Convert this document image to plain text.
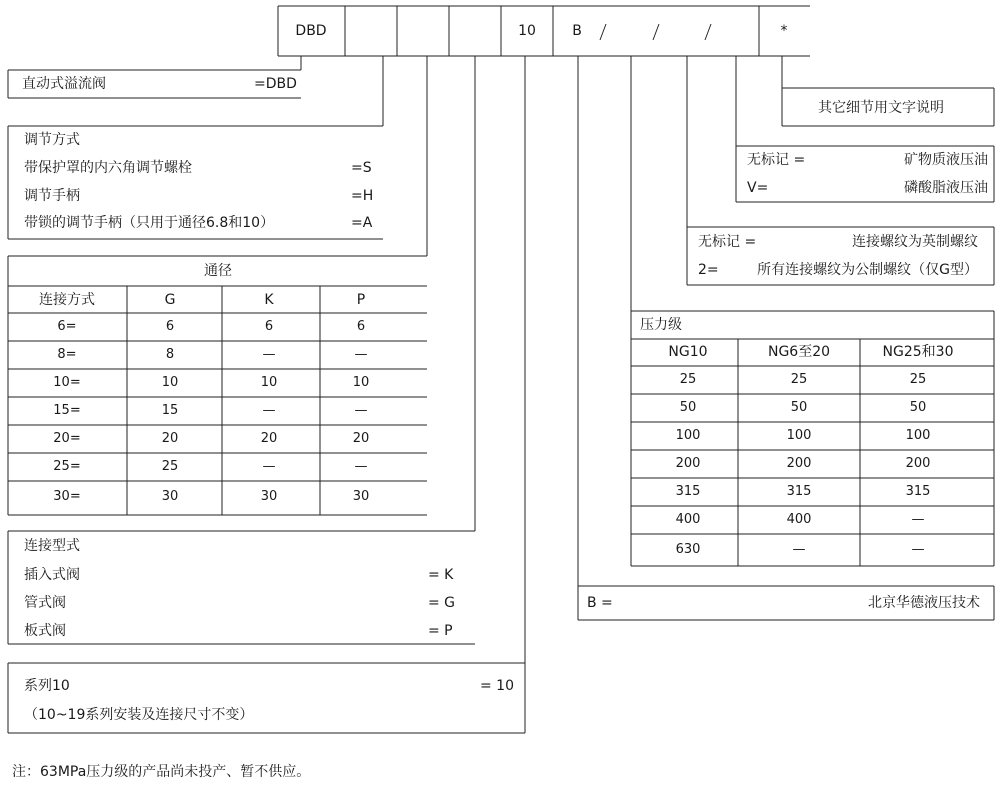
DBD	10	B	*
直动式溢流阀	=DBD
调节方式
带保护罩的内六角调节螺栓	=S
调节手柄	=H
带锁的调节手柄（只用于通径6.8和10）	=A
通径
连接方式	G	K	P
6=	6	6	6
8=	8	—	—
10=	10	10	10
15=	15	—	—
20=	20	20	20
25=	25	—	—
30=	30	30	30
连接型式
插入式阀	= K
管式阀	= G
板式阀	= P
系列10	= 10
（10~19系列安装及连接尺寸不变）
其它细节用文字说明
无标记 =	矿物质液压油
V=	磷酸脂液压油
无标记 =	连接螺纹为英制螺纹
2=	所有连接螺纹为公制螺纹（仅G型）
压力级
NG10	NG6至20	NG25和30
25	25	25
50	50	50
100	100	100
200	200	200
315	315	315
400	400	—
630	—	—
B =	北京华德液压技术
注：63MPa压力级的产品尚未投产、暂不供应。
